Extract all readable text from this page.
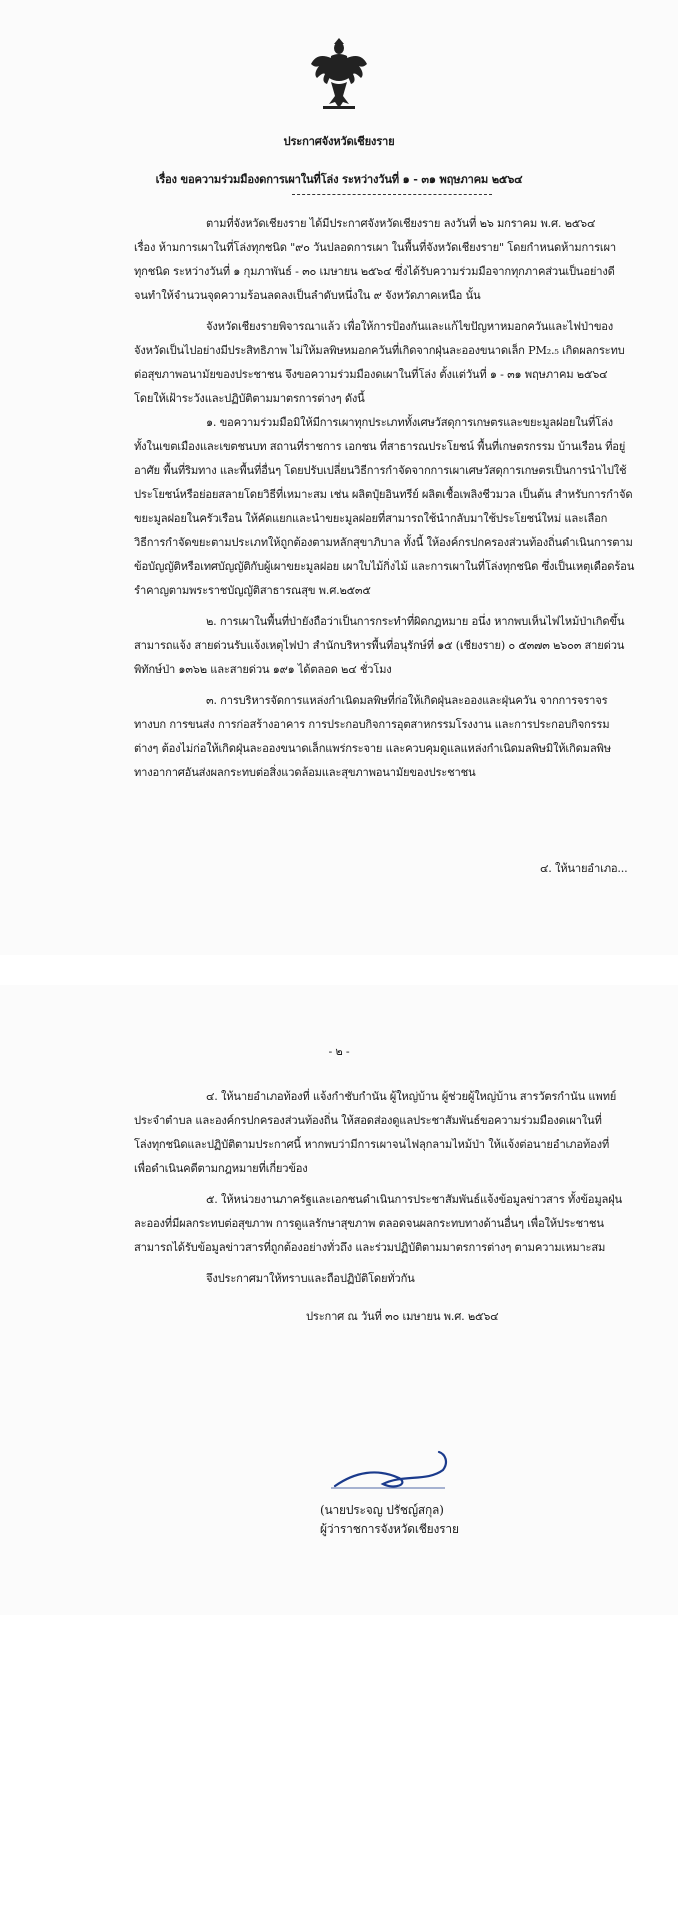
ประกาศจังหวัดเชียงราย
เรื่อง ขอความร่วมมืองดการเผาในที่โล่ง ระหว่างวันที่ ๑ - ๓๑ พฤษภาคม ๒๕๖๔
ตามที่จังหวัดเชียงราย ได้มีประกาศจังหวัดเชียงราย ลงวันที่ ๒๖ มกราคม พ.ศ. ๒๕๖๔
เรื่อง ห้ามการเผาในที่โล่งทุกชนิด "๙๐ วันปลอดการเผา ในพื้นที่จังหวัดเชียงราย" โดยกำหนดห้ามการเผา
ทุกชนิด ระหว่างวันที่ ๑ กุมภาพันธ์ - ๓๐ เมษายน ๒๕๖๔ ซึ่งได้รับความร่วมมือจากทุกภาคส่วนเป็นอย่างดี
จนทำให้จำนวนจุดความร้อนลดลงเป็นลำดับหนึ่งใน ๙ จังหวัดภาคเหนือ นั้น
จังหวัดเชียงรายพิจารณาแล้ว เพื่อให้การป้องกันและแก้ไขปัญหาหมอกควันและไฟป่าของ
จังหวัดเป็นไปอย่างมีประสิทธิภาพ ไม่ให้มลพิษหมอกควันที่เกิดจากฝุ่นละอองขนาดเล็ก PM₂.₅ เกิดผลกระทบ
ต่อสุขภาพอนามัยของประชาชน จึงขอความร่วมมืองดเผาในที่โล่ง ตั้งแต่วันที่ ๑ - ๓๑ พฤษภาคม ๒๕๖๔
โดยให้เฝ้าระวังและปฏิบัติตามมาตรการต่างๆ ดังนี้
๑. ขอความร่วมมือมิให้มีการเผาทุกประเภททั้งเศษวัสดุการเกษตรและขยะมูลฝอยในที่โล่ง
ทั้งในเขตเมืองและเขตชนบท สถานที่ราชการ เอกชน ที่สาธารณประโยชน์ พื้นที่เกษตรกรรม บ้านเรือน ที่อยู่
อาศัย พื้นที่ริมทาง และพื้นที่อื่นๆ โดยปรับเปลี่ยนวิธีการกำจัดจากการเผาเศษวัสดุการเกษตรเป็นการนำไปใช้
ประโยชน์หรือย่อยสลายโดยวิธีที่เหมาะสม เช่น ผลิตปุ๋ยอินทรีย์ ผลิตเชื้อเพลิงชีวมวล เป็นต้น สำหรับการกำจัด
ขยะมูลฝอยในครัวเรือน ให้คัดแยกและนำขยะมูลฝอยที่สามารถใช้นำกลับมาใช้ประโยชน์ใหม่ และเลือก
วิธีการกำจัดขยะตามประเภทให้ถูกต้องตามหลักสุขาภิบาล ทั้งนี้ ให้องค์กรปกครองส่วนท้องถิ่นดำเนินการตาม
ข้อบัญญัติหรือเทศบัญญัติกับผู้เผาขยะมูลฝอย เผาใบไม้กิ่งไม้ และการเผาในที่โล่งทุกชนิด ซึ่งเป็นเหตุเดือดร้อน
รำคาญตามพระราชบัญญัติสาธารณสุข พ.ศ.๒๕๓๕
๒. การเผาในพื้นที่ป่ายังถือว่าเป็นการกระทำที่ผิดกฎหมาย อนึ่ง หากพบเห็นไฟไหม้ป่าเกิดขึ้น
สามารถแจ้ง สายด่วนรับแจ้งเหตุไฟป่า สำนักบริหารพื้นที่อนุรักษ์ที่ ๑๕ (เชียงราย) ๐ ๕๓๗๓ ๒๖๐๓ สายด่วน
พิทักษ์ป่า ๑๓๖๒ และสายด่วน ๑๙๑ ได้ตลอด ๒๔ ชั่วโมง
๓. การบริหารจัดการแหล่งกำเนิดมลพิษที่ก่อให้เกิดฝุ่นละอองและฝุ่นควัน จากการจราจร
ทางบก การขนส่ง การก่อสร้างอาคาร การประกอบกิจการอุตสาหกรรมโรงงาน และการประกอบกิจกรรม
ต่างๆ ต้องไม่ก่อให้เกิดฝุ่นละอองขนาดเล็กแพร่กระจาย และควบคุมดูแลแหล่งกำเนิดมลพิษมิให้เกิดมลพิษ
ทางอากาศอันส่งผลกระทบต่อสิ่งแวดล้อมและสุขภาพอนามัยของประชาชน
๔. ให้นายอำเภอ...
- ๒ -
๔. ให้นายอำเภอท้องที่ แจ้งกำชับกำนัน ผู้ใหญ่บ้าน ผู้ช่วยผู้ใหญ่บ้าน สารวัตรกำนัน แพทย์
ประจำตำบล และองค์กรปกครองส่วนท้องถิ่น ให้สอดส่องดูแลประชาสัมพันธ์ขอความร่วมมืองดเผาในที่
โล่งทุกชนิดและปฏิบัติตามประกาศนี้ หากพบว่ามีการเผาจนไฟลุกลามไหม้ป่า ให้แจ้งต่อนายอำเภอท้องที่
เพื่อดำเนินคดีตามกฎหมายที่เกี่ยวข้อง
๕. ให้หน่วยงานภาครัฐและเอกชนดำเนินการประชาสัมพันธ์แจ้งข้อมูลข่าวสาร ทั้งข้อมูลฝุ่น
ละอองที่มีผลกระทบต่อสุขภาพ การดูแลรักษาสุขภาพ ตลอดจนผลกระทบทางด้านอื่นๆ เพื่อให้ประชาชน
สามารถได้รับข้อมูลข่าวสารที่ถูกต้องอย่างทั่วถึง และร่วมปฏิบัติตามมาตรการต่างๆ ตามความเหมาะสม
จึงประกาศมาให้ทราบและถือปฏิบัติโดยทั่วกัน
ประกาศ ณ วันที่ ๓๐ เมษายน พ.ศ. ๒๕๖๔
(นายประจญ ปรัชญ์สกุล)
ผู้ว่าราชการจังหวัดเชียงราย
